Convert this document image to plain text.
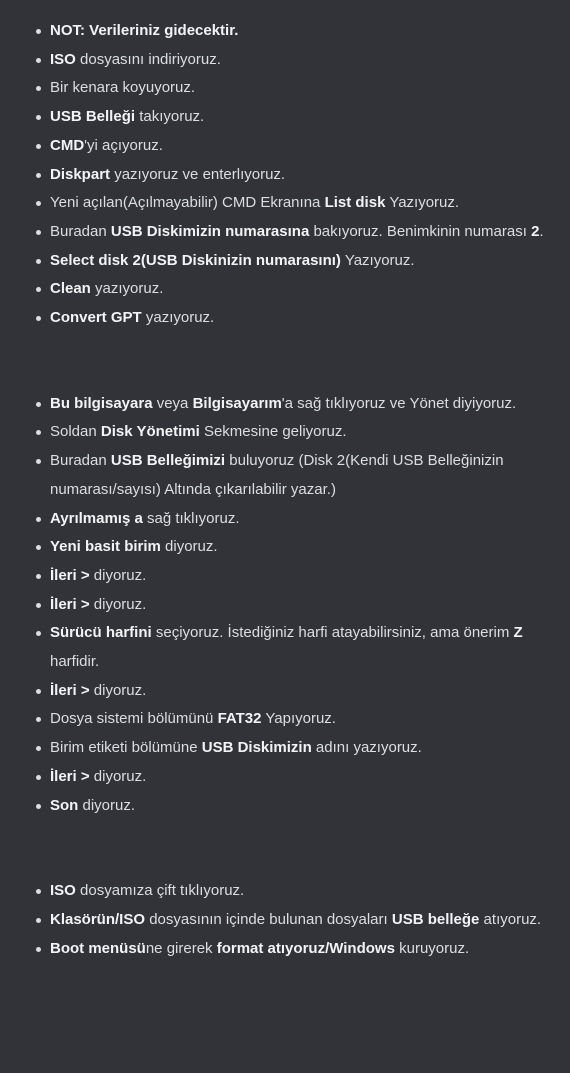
NOT: Verileriniz gidecektir.
ISO dosyasını indiriyoruz.
Bir kenara koyuyoruz.
USB Belleği takıyoruz.
CMD'yi açıyoruz.
Diskpart yazıyoruz ve enterlıyoruz.
Yeni açılan(Açılmayabilir) CMD Ekranına List disk Yazıyoruz.
Buradan USB Diskimizin numarasına bakıyoruz. Benimkinin numarası 2.
Select disk 2(USB Diskinizin numarasını) Yazıyoruz.
Clean yazıyoruz.
Convert GPT yazıyoruz.
Bu bilgisayara veya Bilgisayarım'a sağ tıklıyoruz ve Yönet diyiyoruz.
Soldan Disk Yönetimi Sekmesine geliyoruz.
Buradan USB Belleğimizi buluyoruz (Disk 2(Kendi USB Belleğinizin numarası/sayısı) Altında çıkarılabilir yazar.)
Ayrılmamış a sağ tıklıyoruz.
Yeni basit birim diyoruz.
İleri > diyoruz.
İleri > diyoruz.
Sürücü harfini seçiyoruz. İstediğiniz harfi atayabilirsiniz, ama önerim Z harfidir.
İleri > diyoruz.
Dosya sistemi bölümünü FAT32 Yapıyoruz.
Birim etiketi bölümüne USB Diskimizin adını yazıyoruz.
İleri > diyoruz.
Son diyoruz.
ISO dosyamıza çift tıklıyoruz.
Klasörün/ISO dosyasının içinde bulunan dosyaları USB belleğe atıyoruz.
Boot menüsüne girerek format atıyoruz/Windows kuruyoruz.
